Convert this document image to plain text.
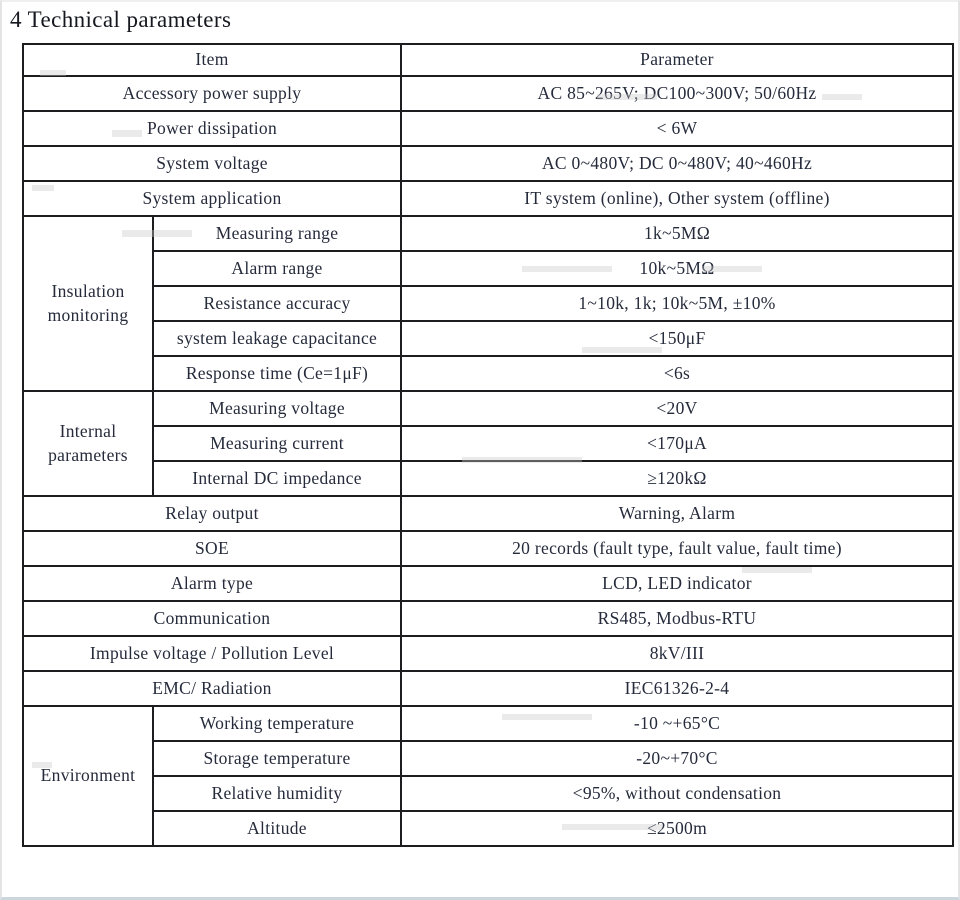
4 Technical parameters
Item		Parameter
Accessory power supply		AC 85~265V; DC100~300V; 50/60Hz
Power dissipation		< 6W
System voltage		AC 0~480V; DC 0~480V; 40~460Hz
System application		IT system (online), Other system (offline)
Insulation monitoring	Measuring range	1k~5MΩ
	Alarm range	10k~5MΩ
	Resistance accuracy	1~10k, 1k; 10k~5M, ±10%
	system leakage capacitance	<150μF
	Response time (Ce=1μF)	<6s
Internal parameters	Measuring voltage	<20V
	Measuring current	<170μA
	Internal DC impedance	≥120kΩ
Relay output		Warning, Alarm
SOE		20 records (fault type, fault value, fault time)
Alarm type		LCD, LED indicator
Communication		RS485, Modbus-RTU
Impulse voltage / Pollution Level		8kV/III
EMC/ Radiation		IEC61326-2-4
Environment	Working temperature	-10 ~+65°C
	Storage temperature	-20~+70°C
	Relative humidity	<95%, without condensation
	Altitude	≤2500m
